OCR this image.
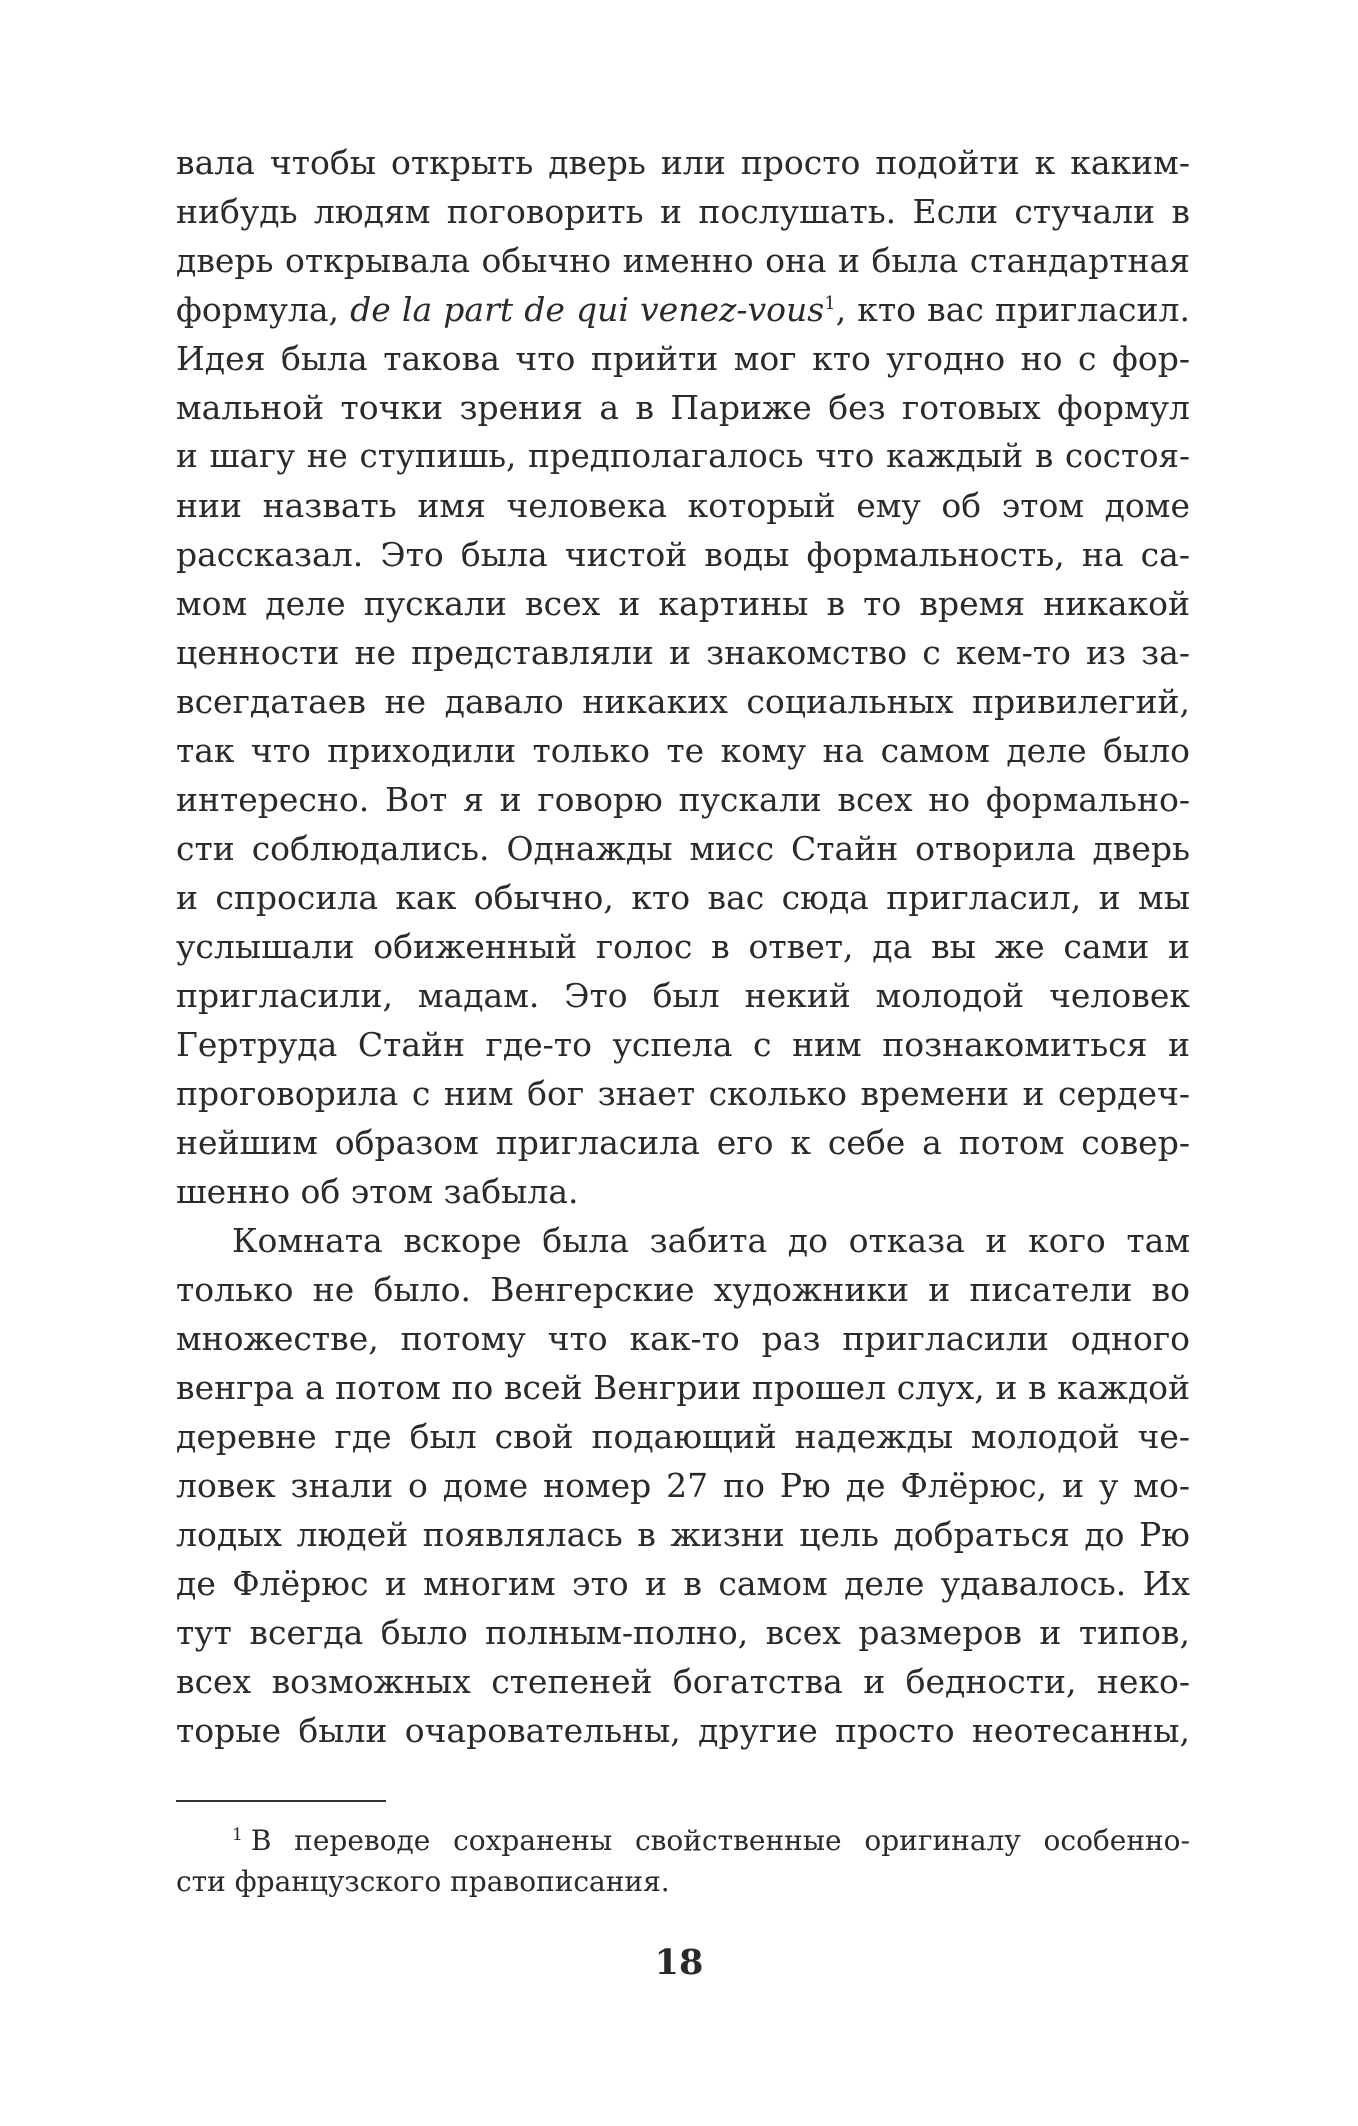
вала чтобы открыть дверь или просто подойти к каким-
нибудь людям поговорить и послушать. Если стучали в
дверь открывала обычно именно она и была стандартная
формула, de la part de qui venez-vous$^1$, кто вас пригласил.
Идея была такова что прийти мог кто угодно но с фор-
мальной точки зрения а в Париже без готовых формул
и шагу не ступишь, предполагалось что каждый в состоя-
нии назвать имя человека который ему об этом доме
рассказал. Это была чистой воды формальность, на са-
мом деле пускали всех и картины в то время никакой
ценности не представляли и знакомство с кем-то из за-
всегдатаев не давало никаких социальных привилегий,
так что приходили только те кому на самом деле было
интересно. Вот я и говорю пускали всех но формально-
сти соблюдались. Однажды мисс Стайн отворила дверь
и спросила как обычно, кто вас сюда пригласил, и мы
услышали обиженный голос в ответ, да вы же сами и
пригласили, мадам. Это был некий молодой человек
Гертруда Стайн где-то успела с ним познакомиться и
проговорила с ним бог знает сколько времени и сердеч-
нейшим образом пригласила его к себе а потом совер-
шенно об этом забыла.
Комната вскоре была забита до отказа и кого там
только не было. Венгерские художники и писатели во
множестве, потому что как-то раз пригласили одного
венгра а потом по всей Венгрии прошел слух, и в каждой
деревне где был свой подающий надежды молодой че-
ловек знали о доме номер 27 по Рю де Флёрюс, и у мо-
лодых людей появлялась в жизни цель добраться до Рю
де Флёрюс и многим это и в самом деле удавалось. Их
тут всегда было полным-полно, всех размеров и типов,
всех возможных степеней богатства и бедности, неко-
торые были очаровательны, другие просто неотесанны,
$^1$ В переводе сохранены свойственные оригиналу особенно-
сти французского правописания.
18
